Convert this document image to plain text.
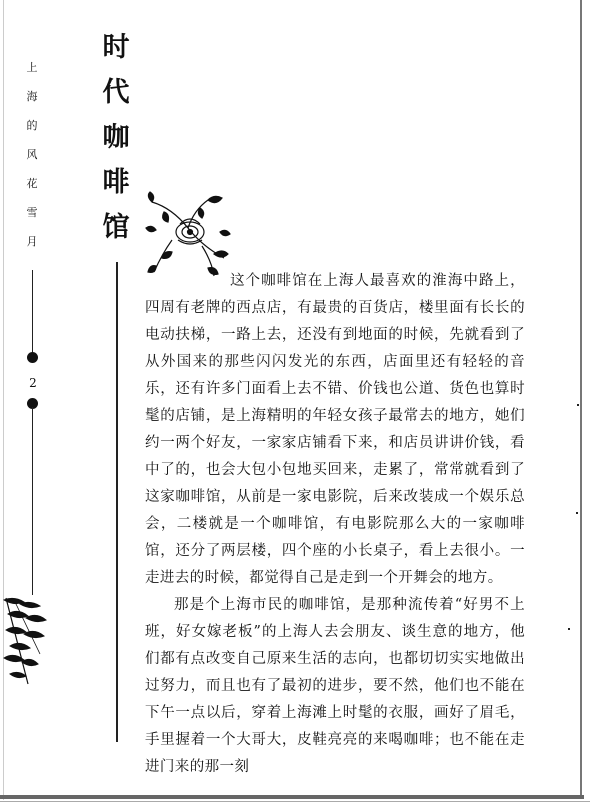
上
海
的
风
花
雪
月
2
时
代
咖
啡
馆

这个咖啡馆在上海人最喜欢的淮海中路上，四周有老牌的西点店，有最贵的百货店，楼里面有长长的电动扶梯，一路上去，还没有到地面的时候，先就看到了从外国来的那些闪闪发光的东西，店面里还有轻轻的音乐，还有许多门面看上去不错、价钱也公道、货色也算时髦的店铺，是上海精明的年轻女孩子最常去的地方，她们约一两个好友，一家家店铺看下来，和店员讲讲价钱，看中了的，也会大包小包地买回来，走累了，常常就看到了这家咖啡馆，从前是一家电影院，后来改装成一个娱乐总会，二楼就是一个咖啡馆，有电影院那么大的一家咖啡馆，还分了两层楼，四个座的小长桌子，看上去很小。一走进去的时候，都觉得自己是走到一个开舞会的地方。

那是个上海市民的咖啡馆，是那种流传着“好男不上班，好女嫁老板”的上海人去会朋友、谈生意的地方，他们都有点改变自己原来生活的志向，也都切切实实地做出过努力，而且也有了最初的进步，要不然，他们也不能在下午一点以后，穿着上海滩上时髦的衣服，画好了眉毛，手里握着一个大哥大，皮鞋亮亮的来喝咖啡；也不能在走进门来的那一刻
